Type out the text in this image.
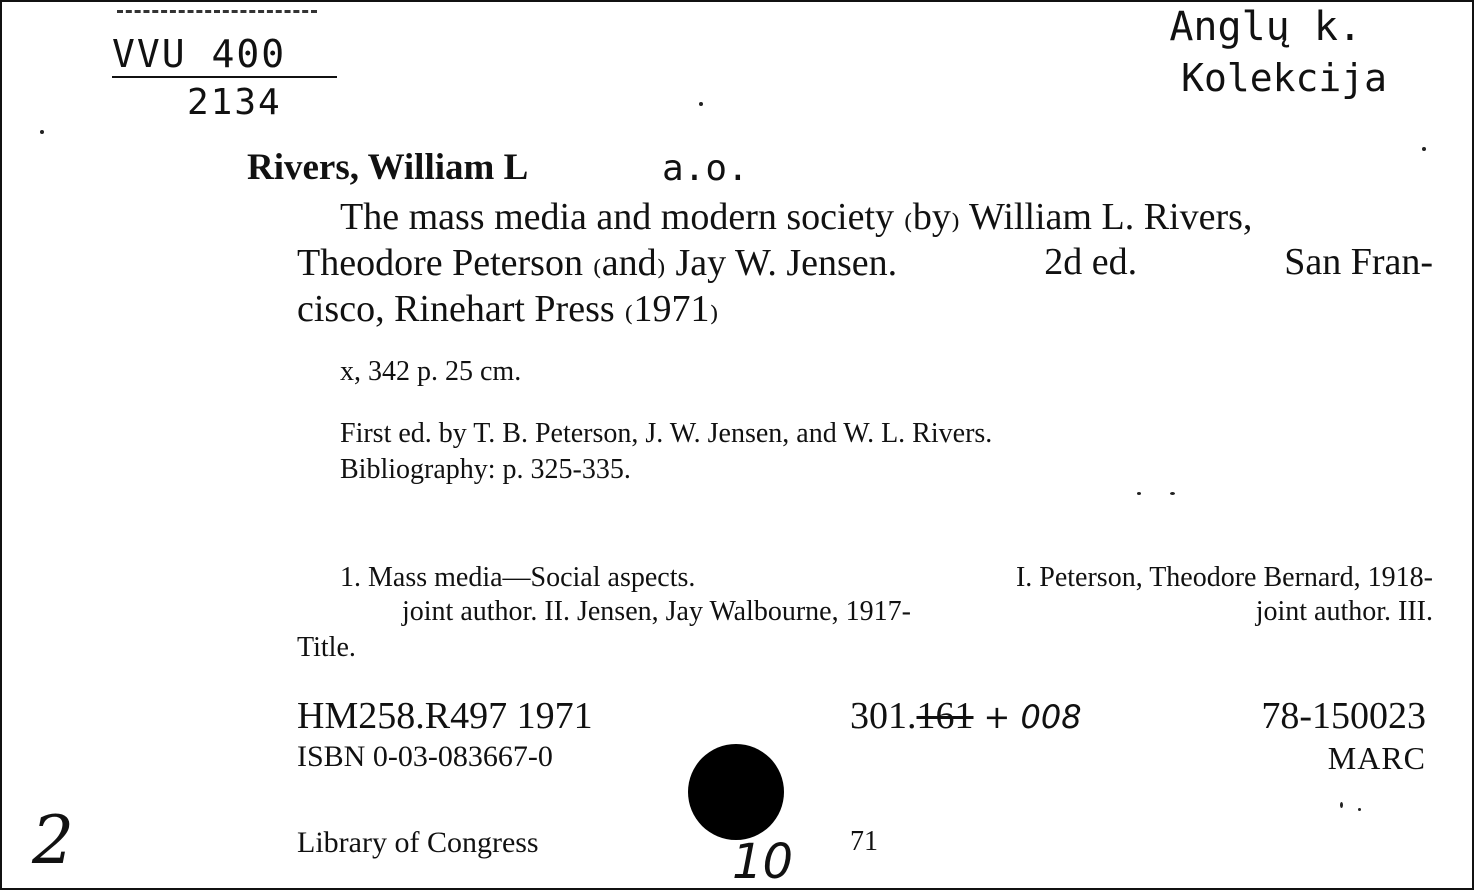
VVU 400
2134
Anglų k.
Kolekcija
Rivers, William L	a.o.
The mass media and modern society ₍by₎ William L. Rivers,
Theodore Peterson ₍and₎ Jay W. Jensen.	2d ed.	San Fran-
cisco, Rinehart Press ₍1971₎
x, 342 p. 25 cm.
First ed. by T. B. Peterson, J. W. Jensen, and W. L. Rivers.
Bibliography: p. 325-335.
1. Mass media—Social aspects.	I. Peterson, Theodore Bernard, 1918-
joint author. II. Jensen, Jay Walbourne, 1917-	joint author. III.
Title.
HM258.R497 1971	301.161 + 008	78-150023
ISBN 0-03-083667-0	MARC
Library of Congress	71
2	10
